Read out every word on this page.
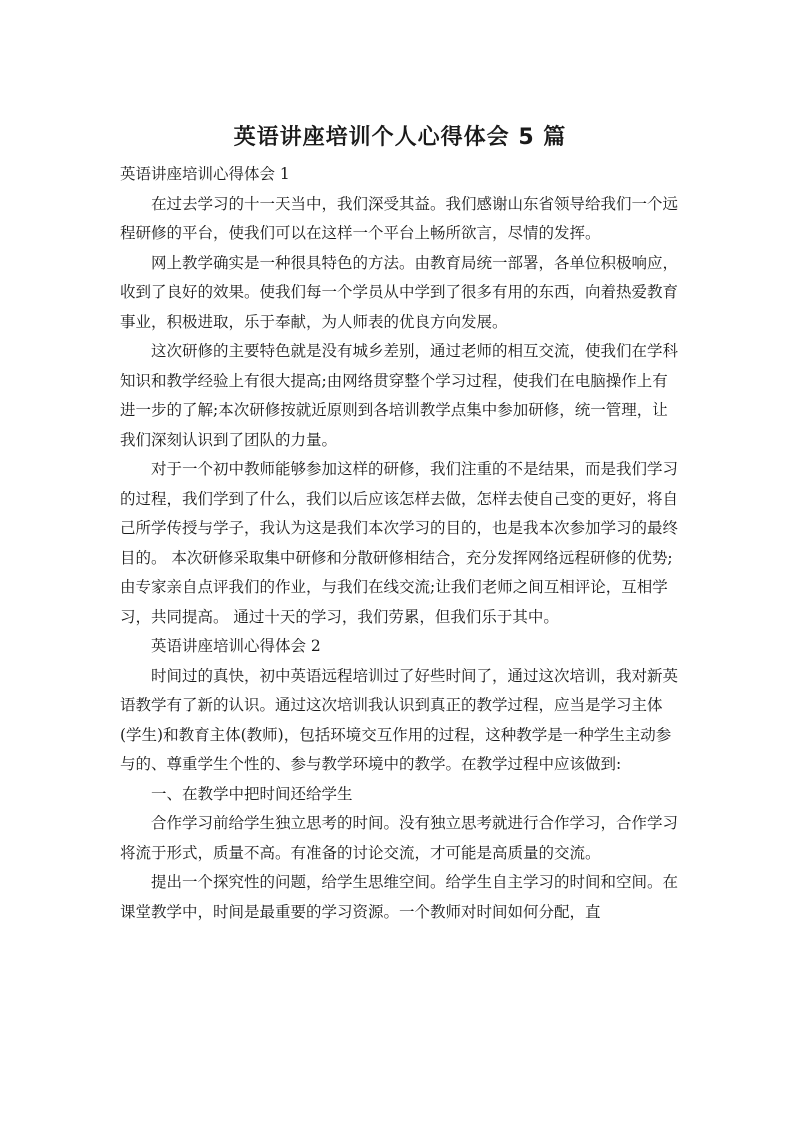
英语讲座培训个人心得体会 5 篇

英语讲座培训心得体会 1

在过去学习的十一天当中，我们深受其益。我们感谢山东省领导给我们一个远程研修的平台，使我们可以在这样一个平台上畅所欲言，尽情的发挥。

网上教学确实是一种很具特色的方法。由教育局统一部署，各单位积极响应，收到了良好的效果。使我们每一个学员从中学到了很多有用的东西，向着热爱教育事业，积极进取，乐于奉献，为人师表的优良方向发展。

这次研修的主要特色就是没有城乡差别，通过老师的相互交流，使我们在学科知识和教学经验上有很大提高;由网络贯穿整个学习过程，使我们在电脑操作上有进一步的了解;本次研修按就近原则到各培训教学点集中参加研修，统一管理，让我们深刻认识到了团队的力量。

对于一个初中教师能够参加这样的研修，我们注重的不是结果，而是我们学习的过程，我们学到了什么，我们以后应该怎样去做，怎样去使自己变的更好，将自己所学传授与学子，我认为这是我们本次学习的目的，也是我本次参加学习的最终目的。 本次研修采取集中研修和分散研修相结合，充分发挥网络远程研修的优势;由专家亲自点评我们的作业，与我们在线交流;让我们老师之间互相评论，互相学习，共同提高。 通过十天的学习，我们劳累，但我们乐于其中。

英语讲座培训心得体会 2

时间过的真快，初中英语远程培训过了好些时间了，通过这次培训，我对新英语教学有了新的认识。通过这次培训我认识到真正的教学过程，应当是学习主体(学生)和教育主体(教师)，包括环境交互作用的过程，这种教学是一种学生主动参与的、尊重学生个性的、参与教学环境中的教学。在教学过程中应该做到:

一、在教学中把时间还给学生

合作学习前给学生独立思考的时间。没有独立思考就进行合作学习，合作学习将流于形式，质量不高。有准备的讨论交流，才可能是高质量的交流。

提出一个探究性的问题，给学生思维空间。给学生自主学习的时间和空间。在课堂教学中，时间是最重要的学习资源。一个教师对时间如何分配，直
